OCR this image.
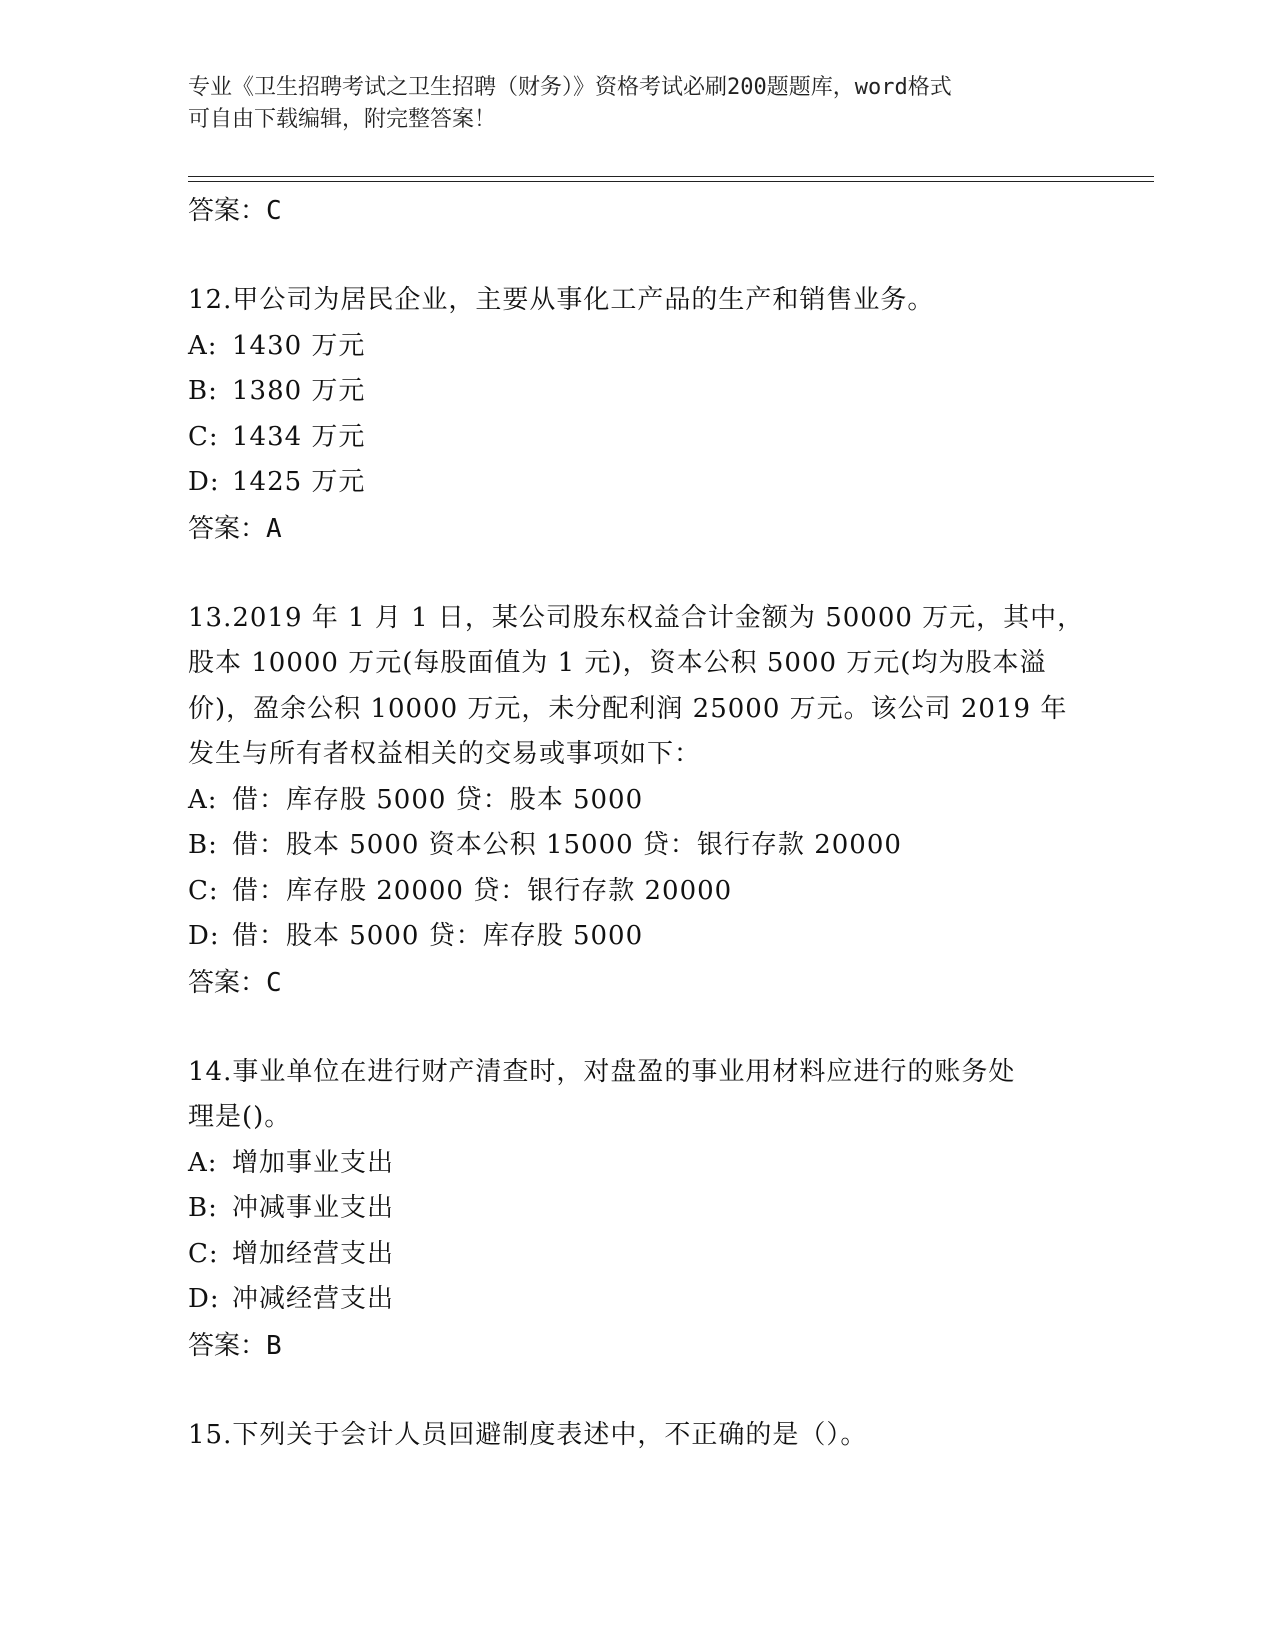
专业《卫生招聘考试之卫生招聘（财务）》资格考试必刷200题题库，word格式
可自由下载编辑，附完整答案！
答案：C
12.甲公司为居民企业，主要从事化工产品的生产和销售业务。
A: 1430 万元
B: 1380 万元
C: 1434 万元
D: 1425 万元
答案：A
13.2019 年 1 月 1 日，某公司股东权益合计金额为 50000 万元，其中，
股本 10000 万元(每股面值为 1 元)，资本公积 5000 万元(均为股本溢
价)，盈余公积 10000 万元，未分配利润 25000 万元。该公司 2019 年
发生与所有者权益相关的交易或事项如下：
A: 借：库存股 5000 贷：股本 5000
B: 借：股本 5000 资本公积 15000 贷：银行存款 20000
C: 借：库存股 20000 贷：银行存款 20000
D: 借：股本 5000 贷：库存股 5000
答案：C
14.事业单位在进行财产清查时，对盘盈的事业用材料应进行的账务处
理是()。
A: 增加事业支出
B: 冲减事业支出
C: 增加经营支出
D: 冲减经营支出
答案：B
15.下列关于会计人员回避制度表述中，不正确的是（）。
